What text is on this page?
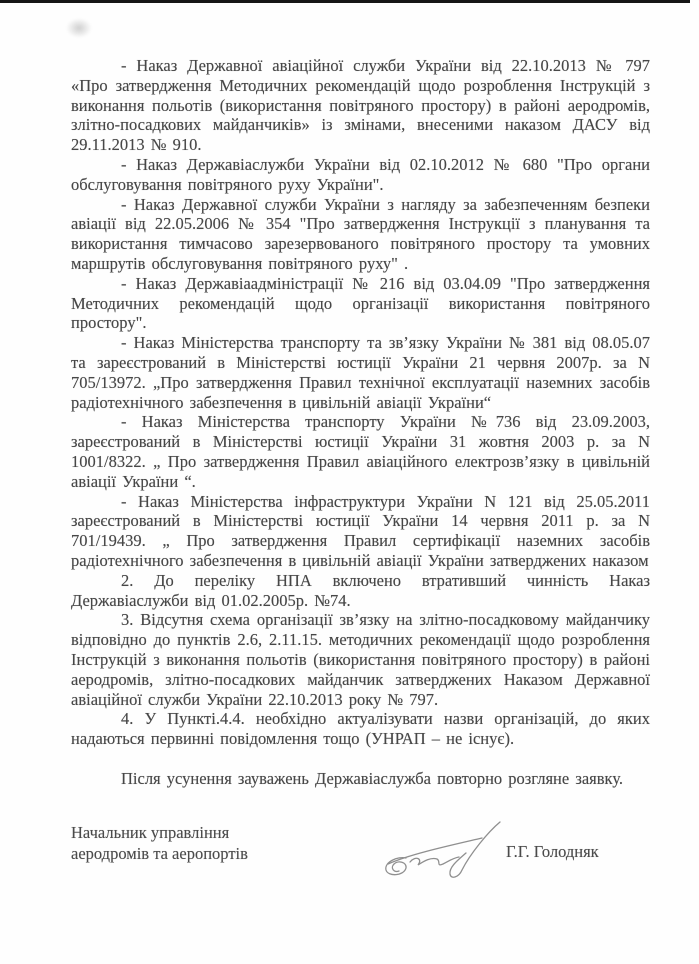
- Наказ Державної авіаційної служби України від 22.10.2013 № 797 «Про затвердження Методичних рекомендацій щодо розроблення Інструкцій з виконання польотів (використання повітряного простору) в районі аеродромів, злітно-посадкових майданчиків» із змінами, внесеними наказом ДАСУ від 29.11.2013 № 910.

- Наказ Державіаслужби України від 02.10.2012 № 680 "Про органи обслуговування повітряного руху України".

- Наказ Державної служби України з нагляду за забезпеченням безпеки авіації від 22.05.2006 № 354 "Про затвердження Інструкції з планування та використання тимчасово зарезервованого повітряного простору та умовних маршрутів обслуговування повітряного руху" .

- Наказ Державіаадміністрації № 216 від 03.04.09 "Про затвердження Методичних рекомендацій щодо організації використання повітряного простору".

- Наказ Міністерства транспорту та зв’язку України № 381 від 08.05.07 та зареєстрований в Міністерстві юстиції України 21 червня 2007р. за N 705/13972. „Про затвердження Правил технічної експлуатації наземних засобів радіотехнічного забезпечення в цивільній авіації України“

- Наказ Міністерства транспорту України №736 від 23.09.2003, зареєстрований в Міністерстві юстиції України 31 жовтня 2003 р. за N 1001/8322. „ Про затвердження Правил авіаційного електрозв’язку в цивільній авіації України “.

- Наказ Міністерства інфраструктури України N 121 від 25.05.2011 зареєстрований в Міністерстві юстиції України 14 червня 2011 р. за N 701/19439. „ Про затвердження Правил сертифікації наземних засобів радіотехнічного забезпечення в цивільній авіації України затверджених наказом

2. До переліку НПА включено втративший чинність Наказ Державіаслужби від 01.02.2005р. №74.

3. Відсутня схема організації зв’язку на злітно-посадковому майданчику відповідно до пунктів 2.6, 2.11.15. методичних рекомендації щодо розроблення Інструкцій з виконання польотів (використання повітряного простору) в районі аеродромів, злітно-посадкових майданчик затверджених Наказом Державної авіаційної служби України 22.10.2013 року № 797.

4. У Пункті.4.4. необхідно актуалізувати назви організацій, до яких надаються первинні повідомлення тощо (УНРАП – не існує).

Після усунення зауважень Державіаслужба повторно розгляне заявку.

Начальник управління
аеродромів та аеропортів	Г.Г. Голодняк
